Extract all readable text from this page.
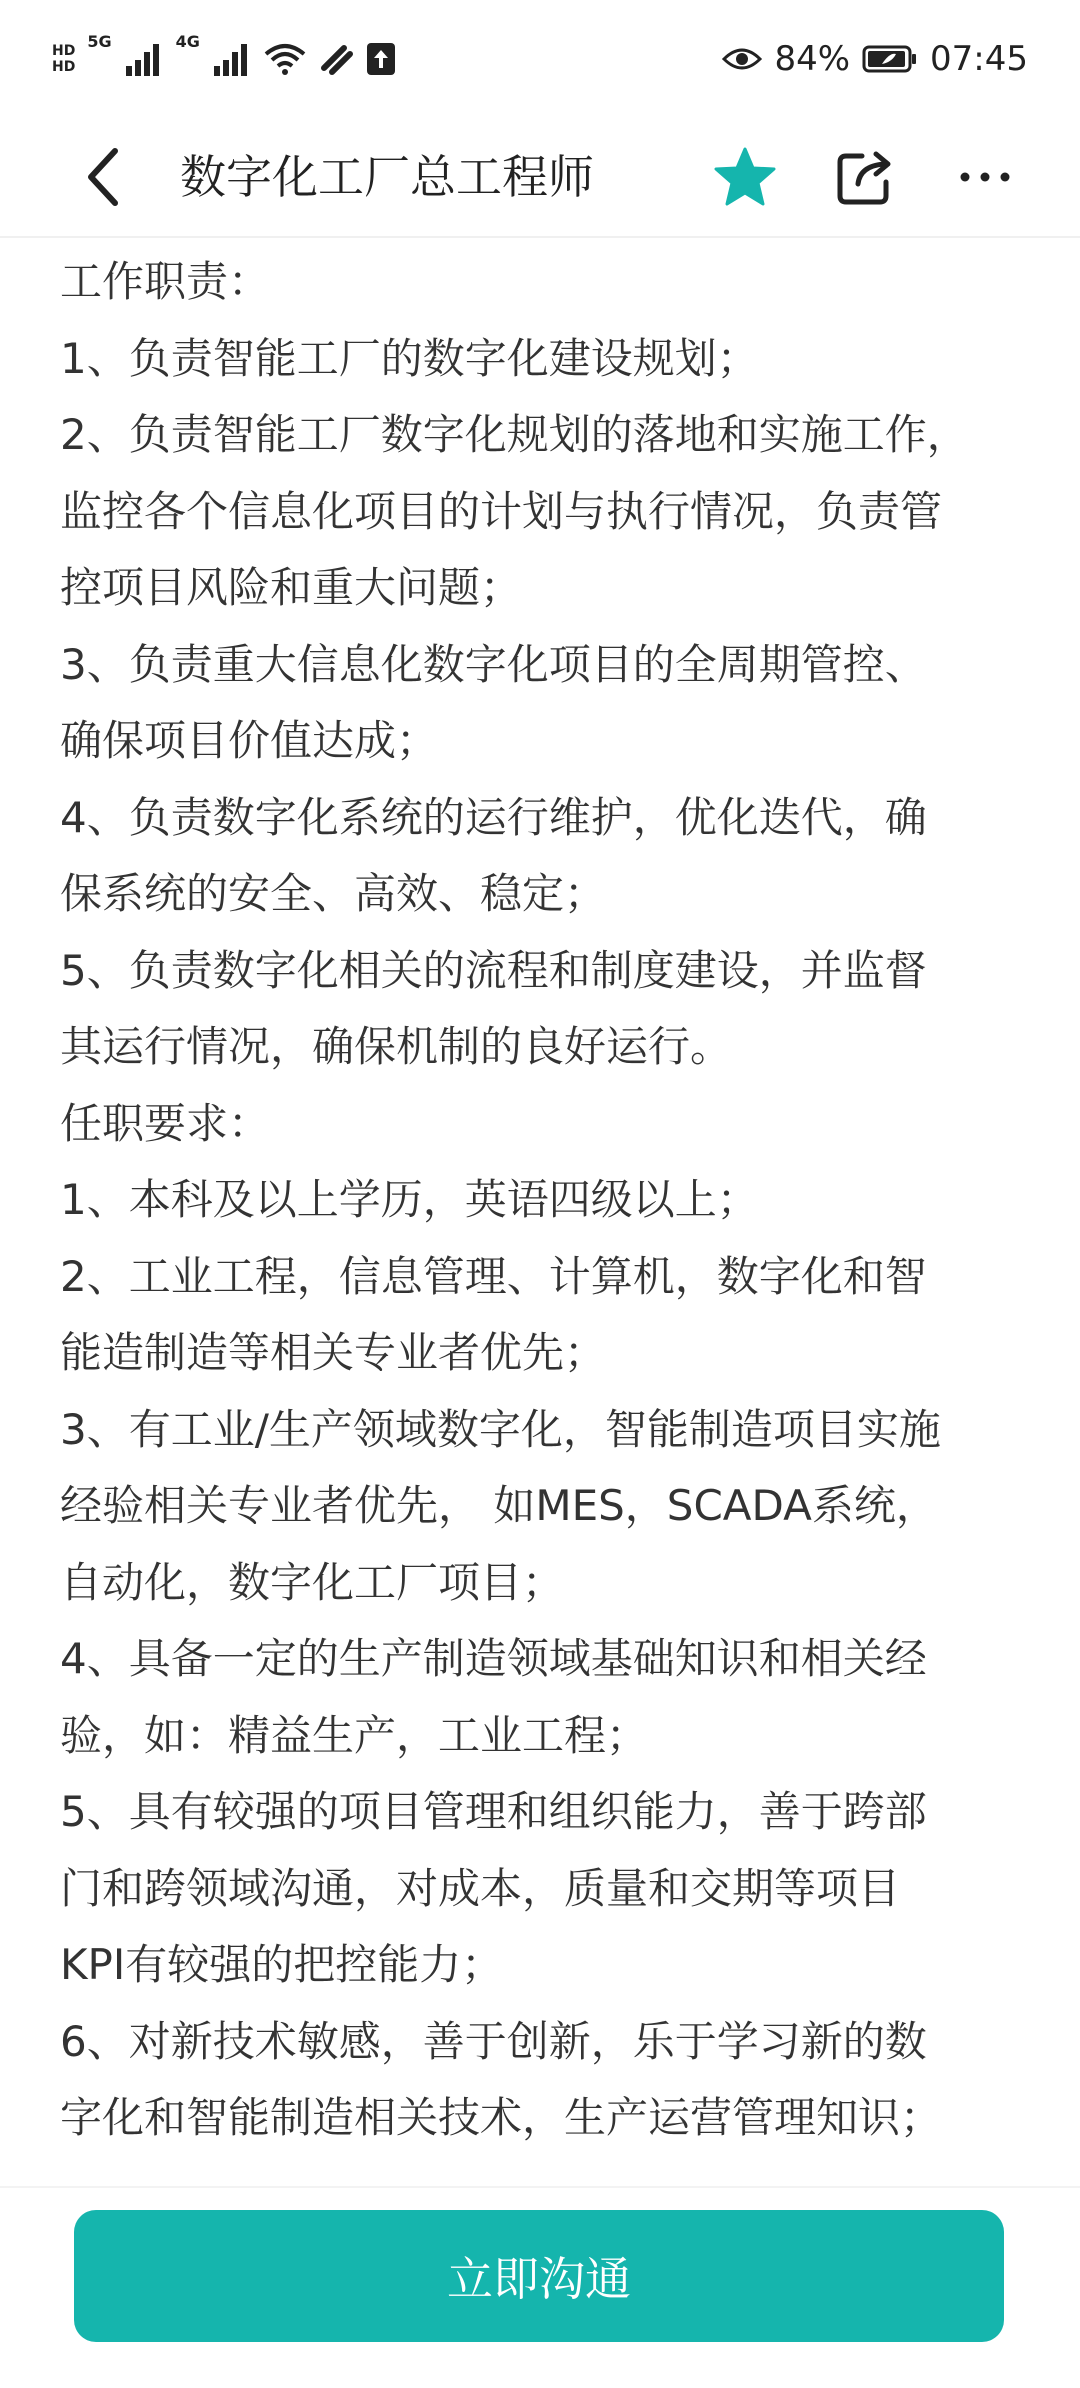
HD
HD
5G	4G	84% 07:45
数字化工厂总工程师

工作职责：

1、负责智能工厂的数字化建设规划；

2、负责智能工厂数字化规划的落地和实施工作，

监控各个信息化项目的计划与执行情况，负责管

控项目风险和重大问题；

3、负责重大信息化数字化项目的全周期管控、

确保项目价值达成；

4、负责数字化系统的运行维护，优化迭代，确

保系统的安全、高效、稳定；

5、负责数字化相关的流程和制度建设，并监督

其运行情况，确保机制的良好运行。

任职要求：

1、本科及以上学历，英语四级以上；

2、工业工程，信息管理、计算机，数字化和智

能造制造等相关专业者优先；

3、有工业/生产领域数字化，智能制造项目实施

经验相关专业者优先， 如MES，SCADA系统，

自动化，数字化工厂项目；

4、具备一定的生产制造领域基础知识和相关经

验，如：精益生产，工业工程；

5、具有较强的项目管理和组织能力，善于跨部

门和跨领域沟通，对成本，质量和交期等项目

KPI有较强的把控能力；

6、对新技术敏感，善于创新，乐于学习新的数

字化和智能制造相关技术，生产运营管理知识；

立即沟通
